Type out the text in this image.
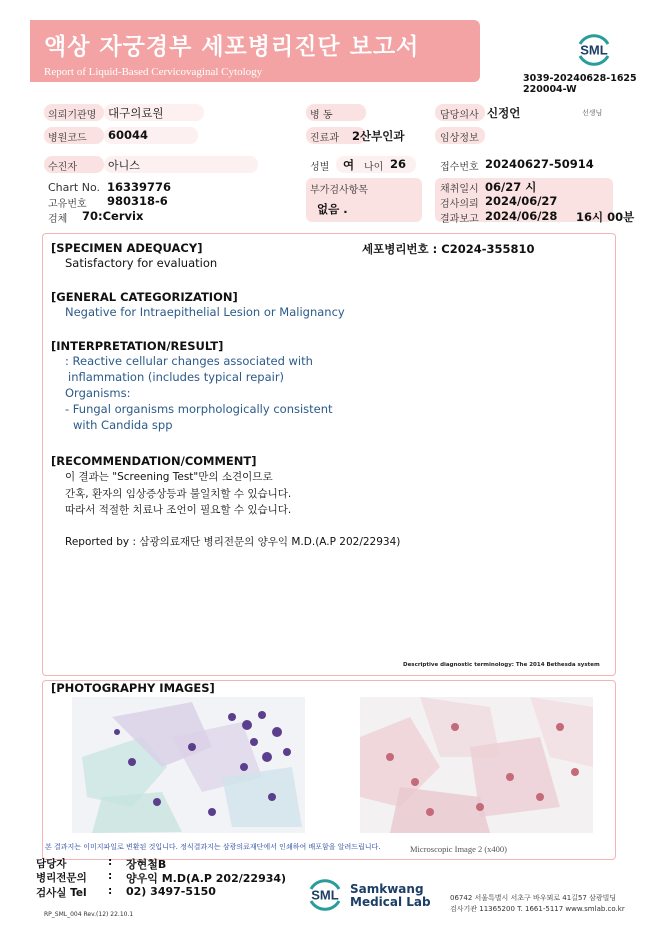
액상 자궁경부 세포병리진단 보고서
Report of Liquid-Based Cervicovaginal Cytology
SML
3039-20240628-1625
220004-W
의뢰기관명 대구의료원	병 동	담당의사 신정언	선생님
병원코드 60044	진료과 2산부인과	임상정보
수진자	아니스	성별 여 나이 26	접수번호 20240627-50914
Chart No. 16339776
고유번호 980318-6
검체 70:Cervix
부가검사항목
없음 .
채취일시 06/27 시
검사의뢰 2024/06/27
결과보고 2024/06/28 16시 00분
[SPECIMEN ADEQUACY]
Satisfactory for evaluation
세포병리번호 : C2024-355810
[GENERAL CATEGORIZATION]
Negative for Intraepithelial Lesion or Malignancy
[INTERPRETATION/RESULT]
: Reactive cellular changes associated with
inflammation (includes typical repair)
Organisms:
- Fungal organisms morphologically consistent
with Candida spp
[RECOMMENDATION/COMMENT]
이 결과는 "Screening Test"만의 소견이므로
간혹, 환자의 임상증상등과 불일치할 수 있습니다.
따라서 적절한 치료나 조언이 필요할 수 있습니다.
Reported by : 삼광의료재단 병리전문의 양우익 M.D.(A.P 202/22934)
Descriptive diagnostic terminology: The 2014 Bethesda system
[PHOTOGRAPHY IMAGES]
Microscopic Image 2 (x400)
본 결과지는 이미지파일로 변환된 것입니다. 정식결과지는 삼광의료재단에서 인쇄하여 배포함을 알려드립니다.
담당자	: 장현철B
병리전문의 : 양우익 M.D(A.P 202/22934)
검사실 Tel : 02) 3497-5150	SML Samkwang
Medical Lab	06742 서울특별시 서초구 바우뫼로 41길57 삼광빌딩
검사기관 11365200 T. 1661-5117 www.smlab.co.kr
RP_SML_004 Rev.(12) 22.10.1
